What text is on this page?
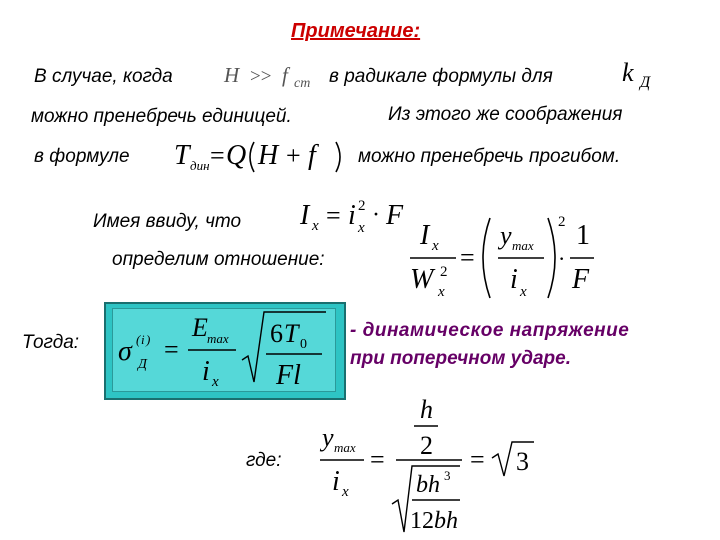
Примечание:
В случае, когда H >> f cm в радикале формулы для	k Д
можно пренебречь единицей.	Из этого же соображения
в формуле T дин = Q H + f можно пренебречь прогибом.
Имея ввиду, что I x = i 2
x · F
определим отношение:
I x
W 2
x
=
y max
i x
2
·
1
F
Тогда: σ ( i )
Д
=
E max
i x
6 T 0
Fl
- динамическое напряжение
при поперечном ударе.
где:
y max
i x
=
h
2
bh 3
12 bh
= 3
